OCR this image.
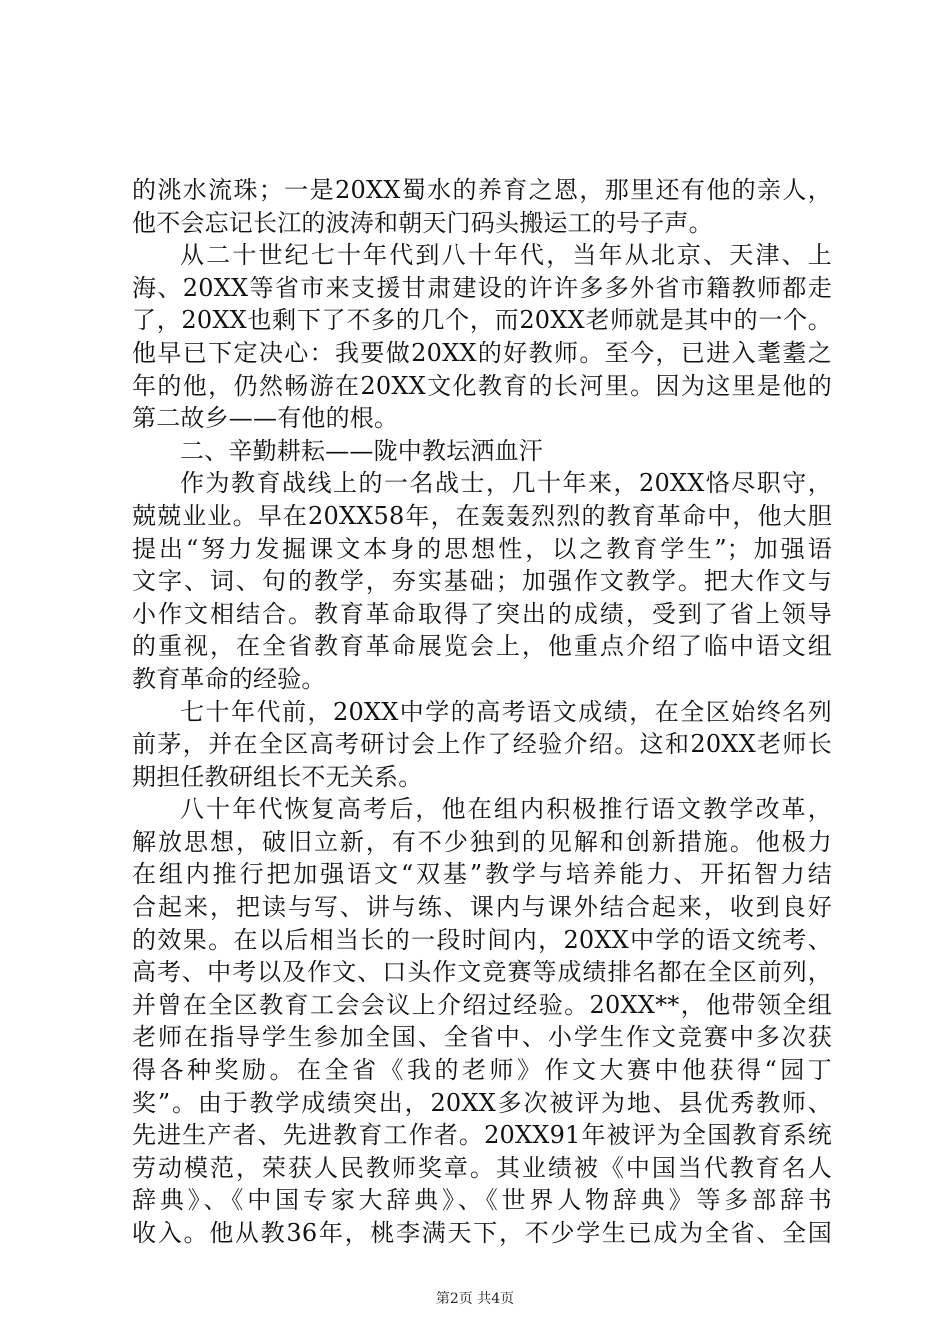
的洮水流珠；一是20XX蜀水的养育之恩，那里还有他的亲人，
他不会忘记长江的波涛和朝天门码头搬运工的号子声。
从二十世纪七十年代到八十年代，当年从北京、天津、上
海、20XX等省市来支援甘肃建设的许许多多外省市籍教师都走
了，20XX也剩下了不多的几个，而20XX老师就是其中的一个。
他早已下定决心：我要做20XX的好教师。至今，已进入耄耋之
年的他，仍然畅游在20XX文化教育的长河里。因为这里是他的
第二故乡——有他的根。
二、辛勤耕耘——陇中教坛洒血汗
作为教育战线上的一名战士，几十年来，20XX恪尽职守，
兢兢业业。早在20XX58年，在轰轰烈烈的教育革命中，他大胆
提出“努力发掘课文本身的思想性，以之教育学生”；加强语
文字、词、句的教学，夯实基础；加强作文教学。把大作文与
小作文相结合。教育革命取得了突出的成绩，受到了省上领导
的重视，在全省教育革命展览会上，他重点介绍了临中语文组
教育革命的经验。
七十年代前，20XX中学的高考语文成绩，在全区始终名列
前茅，并在全区高考研讨会上作了经验介绍。这和20XX老师长
期担任教研组长不无关系。
八十年代恢复高考后，他在组内积极推行语文教学改革，
解放思想，破旧立新，有不少独到的见解和创新措施。他极力
在组内推行把加强语文“双基”教学与培养能力、开拓智力结
合起来，把读与写、讲与练、课内与课外结合起来，收到良好
的效果。在以后相当长的一段时间内，20XX中学的语文统考、
高考、中考以及作文、口头作文竞赛等成绩排名都在全区前列，
并曾在全区教育工会会议上介绍过经验。20XX**，他带领全组
老师在指导学生参加全国、全省中、小学生作文竞赛中多次获
得各种奖励。在全省《我的老师》作文大赛中他获得“园丁
奖”。由于教学成绩突出，20XX多次被评为地、县优秀教师、
先进生产者、先进教育工作者。20XX91年被评为全国教育系统
劳动模范，荣获人民教师奖章。其业绩被《中国当代教育名人
辞典》、《中国专家大辞典》、《世界人物辞典》等多部辞书
收入。他从教36年，桃李满天下，不少学生已成为全省、全国
第2页 共4页
